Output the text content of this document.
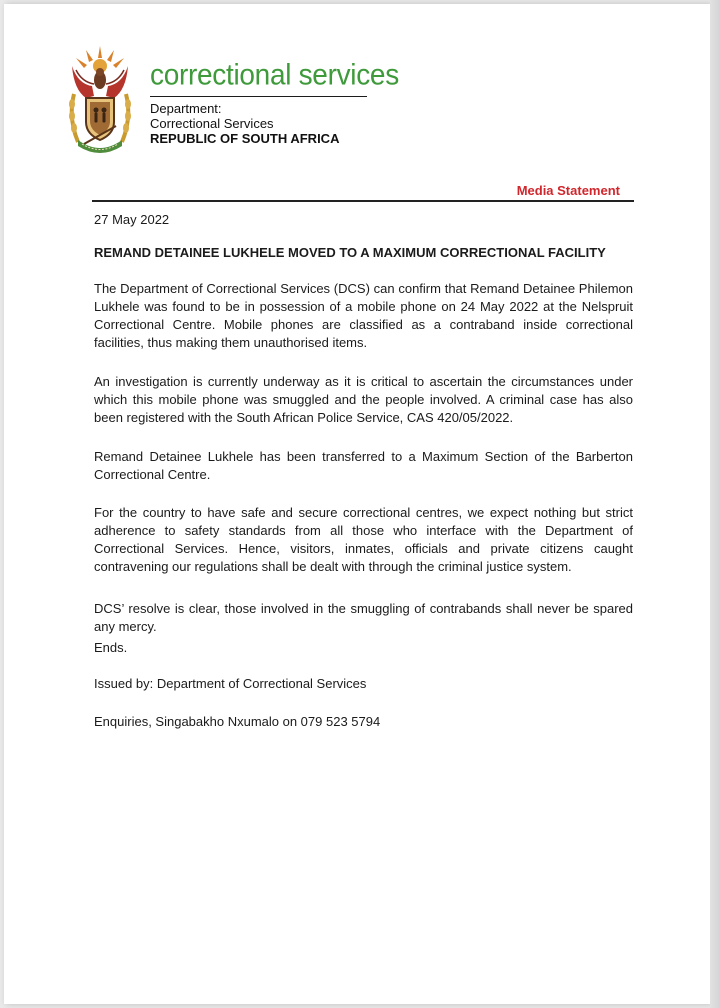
correctional services
Department:
Correctional Services
REPUBLIC OF SOUTH AFRICA
Media Statement
27 May 2022
REMAND DETAINEE LUKHELE MOVED TO A MAXIMUM CORRECTIONAL FACILITY
The Department of Correctional Services (DCS) can confirm that Remand Detainee Philemon Lukhele was found to be in possession of a mobile phone on 24 May 2022 at the Nelspruit Correctional Centre. Mobile phones are classified as a contraband inside correctional facilities, thus making them unauthorised items.
An investigation is currently underway as it is critical to ascertain the circumstances under which this mobile phone was smuggled and the people involved. A criminal case has also been registered with the South African Police Service, CAS 420/05/2022.
Remand Detainee Lukhele has been transferred to a Maximum Section of the Barberton Correctional Centre.
For the country to have safe and secure correctional centres, we expect nothing but strict adherence to safety standards from all those who interface with the Department of Correctional Services. Hence, visitors, inmates, officials and private citizens caught contravening our regulations shall be dealt with through the criminal justice system.
DCS’ resolve is clear, those involved in the smuggling of contrabands shall never be spared any mercy.
Ends.
Issued by: Department of Correctional Services
Enquiries, Singabakho Nxumalo on 079 523 5794
